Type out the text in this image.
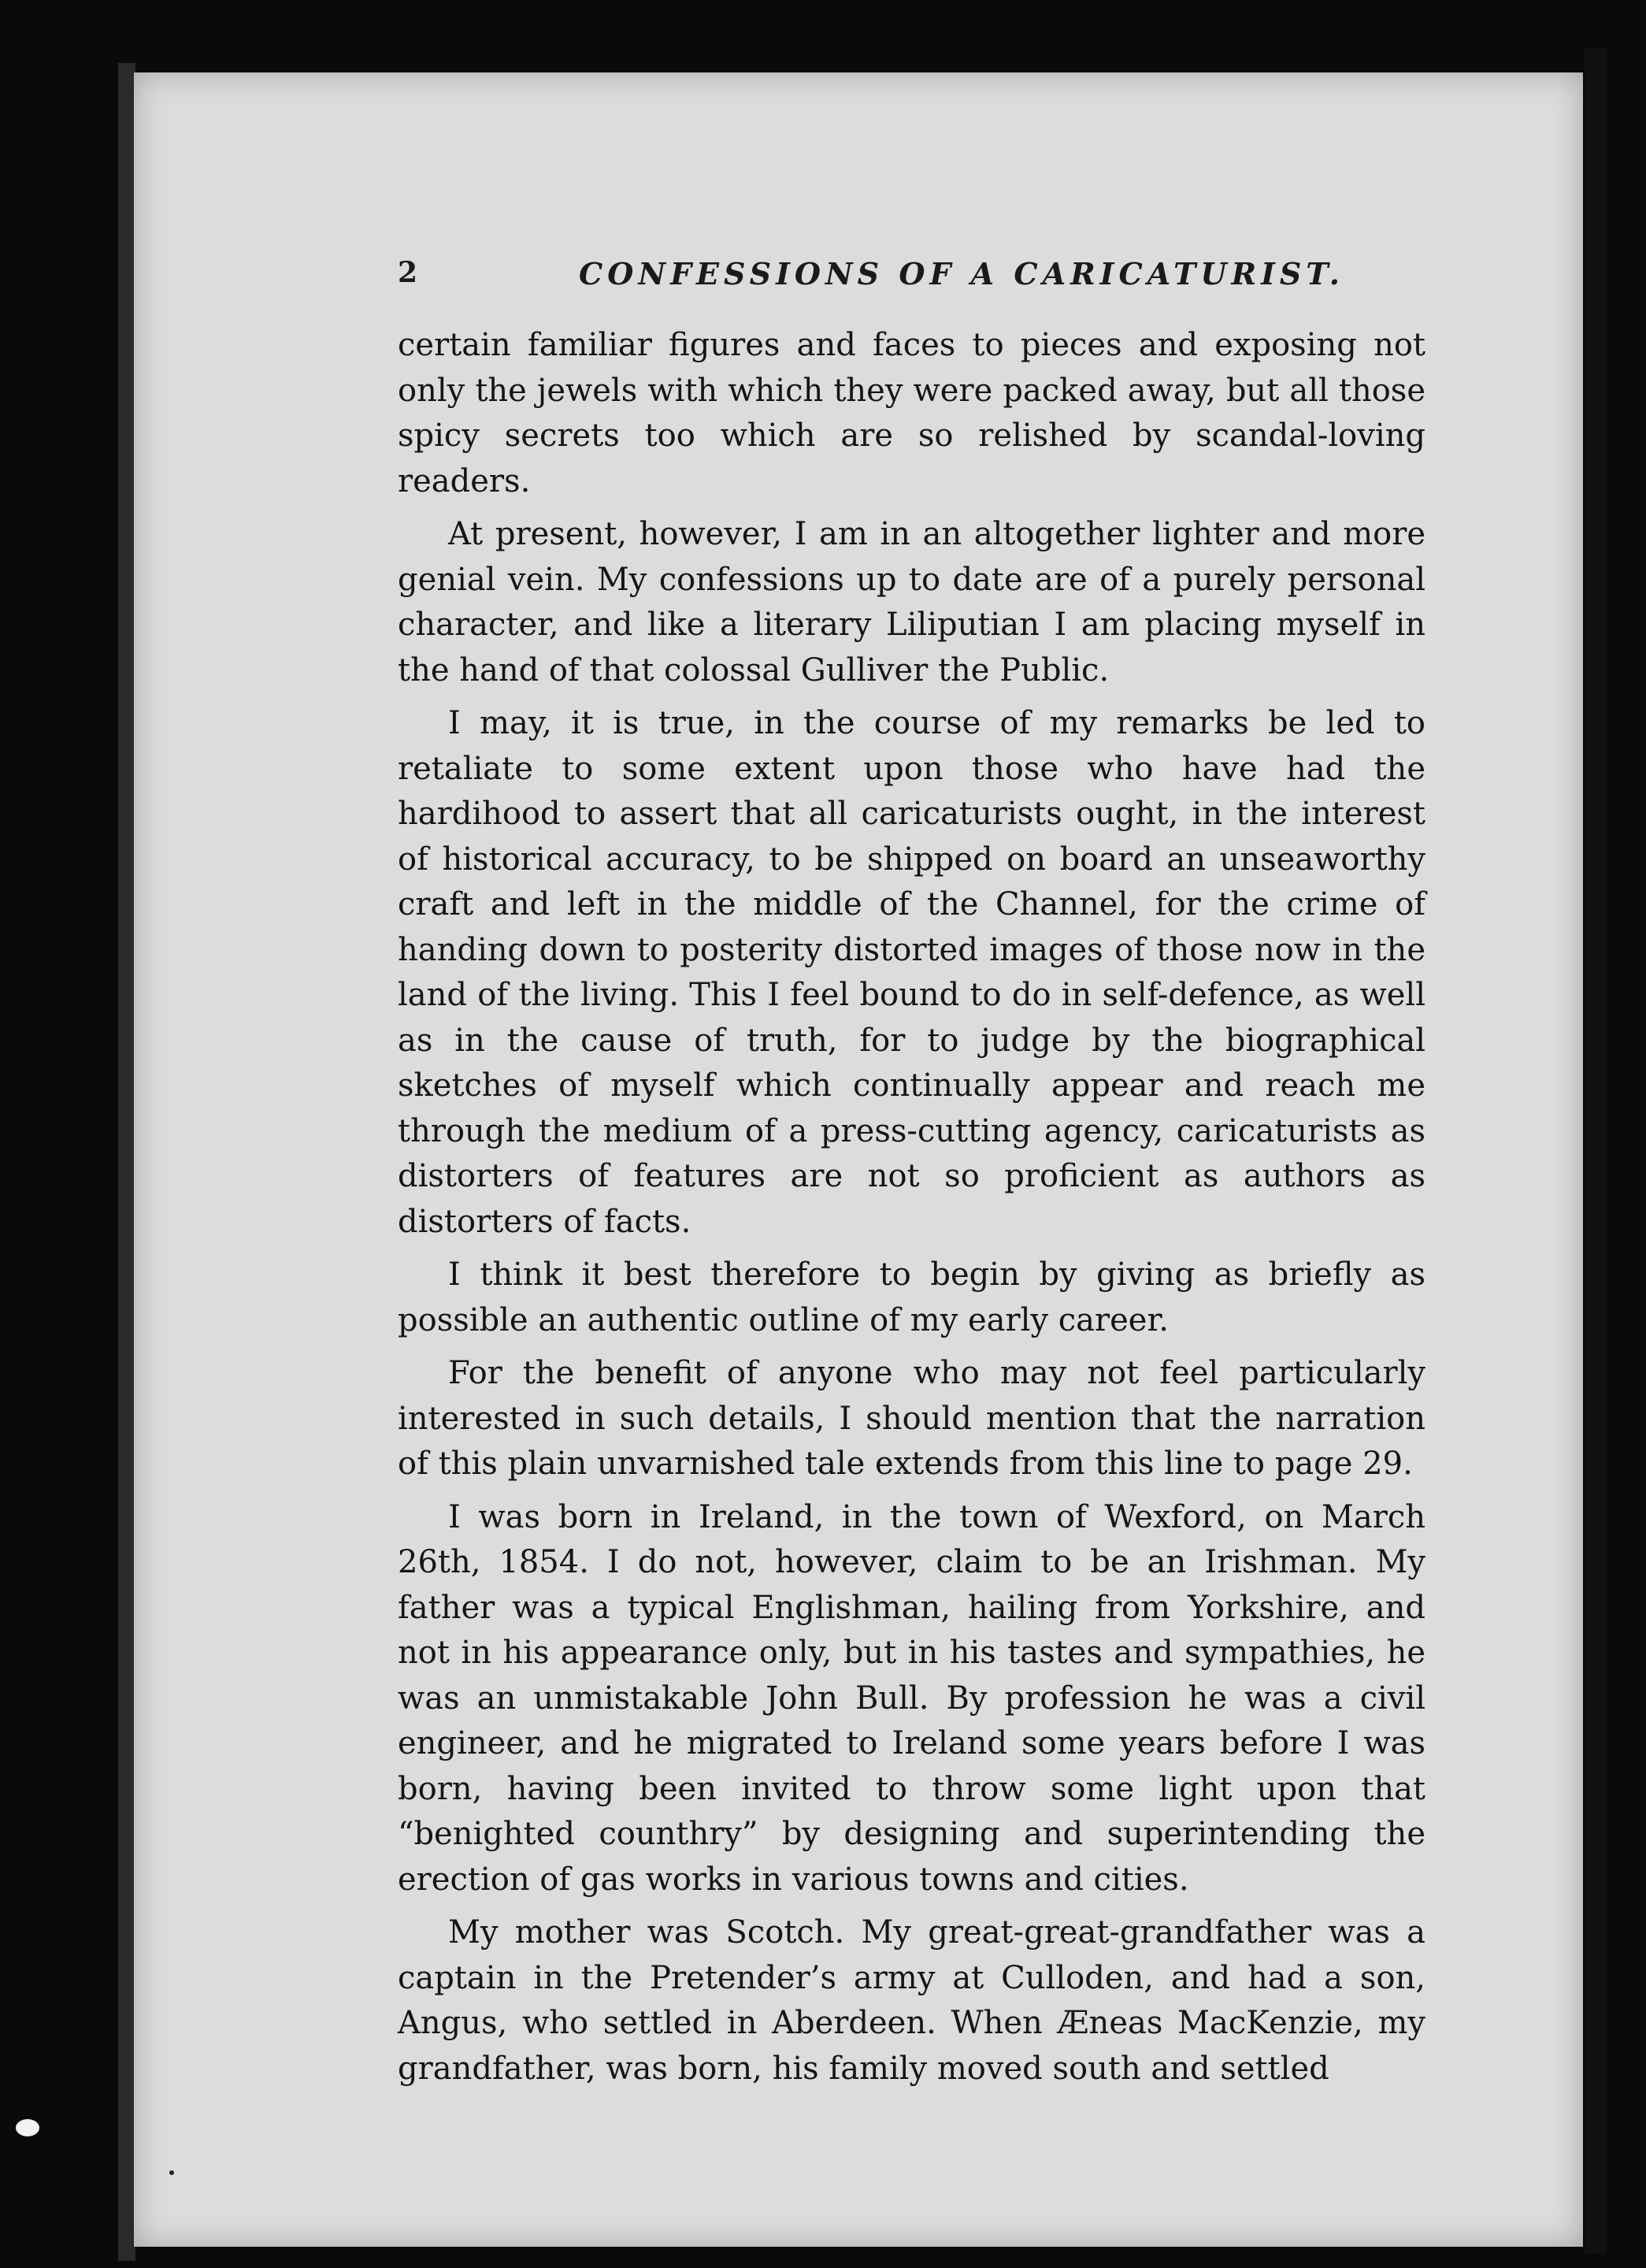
2	CONFESSIONS OF A CARICATURIST.

certain familiar figures and faces to pieces and exposing not only the jewels with which they were packed away, but all those spicy secrets too which are so relished by scandal-loving readers.

At present, however, I am in an altogether lighter and more genial vein. My confessions up to date are of a purely personal character, and like a literary Liliputian I am placing myself in the hand of that colossal Gulliver the Public.

I may, it is true, in the course of my remarks be led to retaliate to some extent upon those who have had the hardihood to assert that all caricaturists ought, in the interest of historical accuracy, to be shipped on board an unseaworthy craft and left in the middle of the Channel, for the crime of handing down to posterity distorted images of those now in the land of the living. This I feel bound to do in self-defence, as well as in the cause of truth, for to judge by the biographical sketches of myself which continually appear and reach me through the medium of a press-cutting agency, caricaturists as distorters of features are not so proficient as authors as distorters of facts.

I think it best therefore to begin by giving as briefly as possible an authentic outline of my early career.

For the benefit of anyone who may not feel particularly interested in such details, I should mention that the narration of this plain unvarnished tale extends from this line to page 29.

I was born in Ireland, in the town of Wexford, on March 26th, 1854. I do not, however, claim to be an Irishman. My father was a typical Englishman, hailing from Yorkshire, and not in his appearance only, but in his tastes and sympathies, he was an unmistakable John Bull. By profession he was a civil engineer, and he migrated to Ireland some years before I was born, having been invited to throw some light upon that “benighted counthry” by designing and superintending the erection of gas works in various towns and cities.

My mother was Scotch. My great-great-grandfather was a captain in the Pretender’s army at Culloden, and had a son, Angus, who settled in Aberdeen. When Æneas MacKenzie, my grandfather, was born, his family moved south and settled
